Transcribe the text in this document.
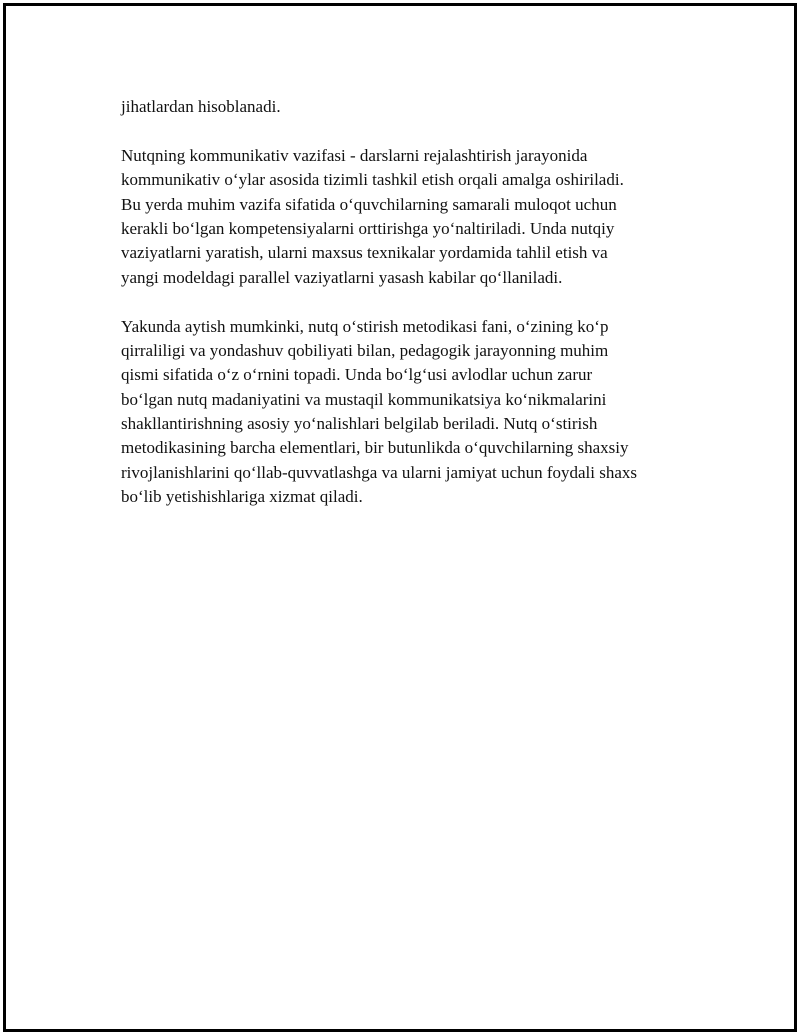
jihatlardan hisoblanadi.

Nutqning kommunikativ vazifasi - darslarni rejalashtirish jarayonida
kommunikativ o‘ylar asosida tizimli tashkil etish orqali amalga oshiriladi.
Bu yerda muhim vazifa sifatida o‘quvchilarning samarali muloqot uchun
kerakli bo‘lgan kompetensiyalarni orttirishga yo‘naltiriladi. Unda nutqiy
vaziyatlarni yaratish, ularni maxsus texnikalar yordamida tahlil etish va
yangi modeldagi parallel vaziyatlarni yasash kabilar qo‘llaniladi.

Yakunda aytish mumkinki, nutq o‘stirish metodikasi fani, o‘zining ko‘p
qirraliligi va yondashuv qobiliyati bilan, pedagogik jarayonning muhim
qismi sifatida o‘z o‘rnini topadi. Unda bo‘lg‘usi avlodlar uchun zarur
bo‘lgan nutq madaniyatini va mustaqil kommunikatsiya ko‘nikmalarini
shakllantirishning asosiy yo‘nalishlari belgilab beriladi. Nutq o‘stirish
metodikasining barcha elementlari, bir butunlikda o‘quvchilarning shaxsiy
rivojlanishlarini qo‘llab-quvvatlashga va ularni jamiyat uchun foydali shaxs
bo‘lib yetishishlariga xizmat qiladi.
